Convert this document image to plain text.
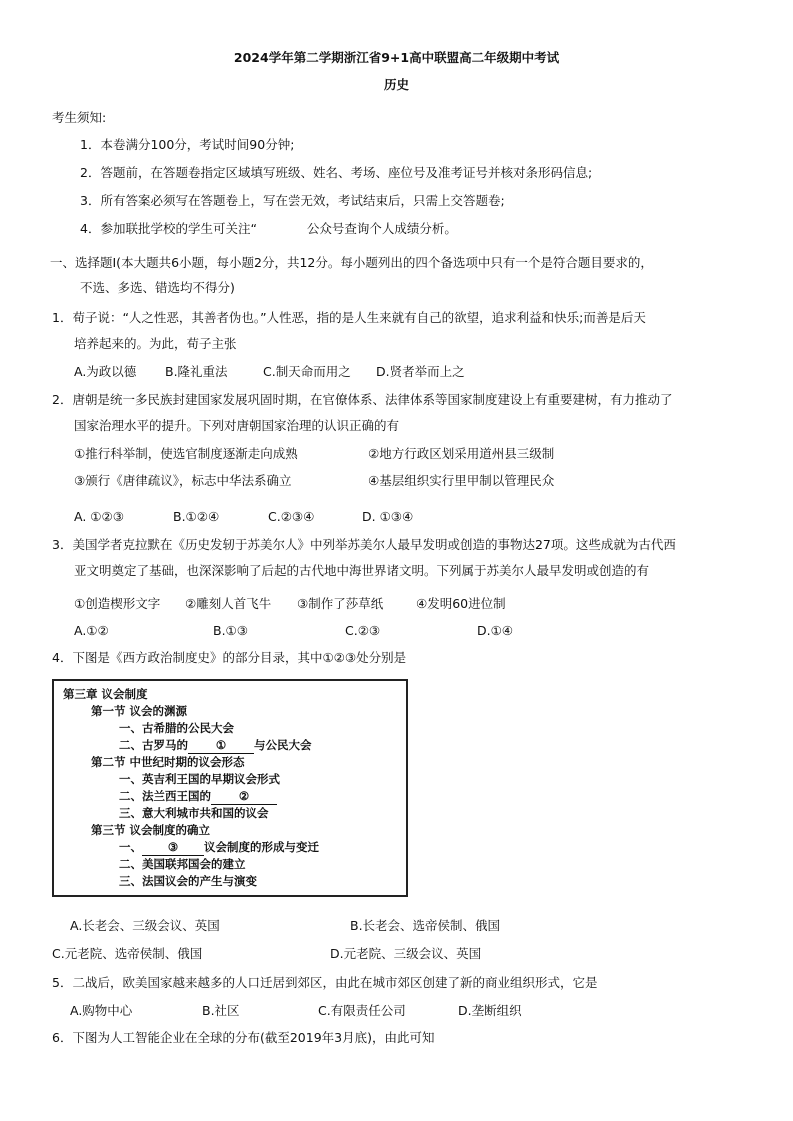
2024学年第二学期浙江省9+1高中联盟高二年级期中考试
历史
考生须知:
1．本卷满分100分，考试时间90分钟;
2．答题前，在答题卷指定区域填写班级、姓名、考场、座位号及准考证号并核对条形码信息;
3．所有答案必须写在答题卷上，写在尝无效，考试结束后，只需上交答题卷;
4．参加联批学校的学生可关注“　　　　公众号查询个人成绩分析。
一、选择题Ⅰ(本大题共6小题，每小题2分，共12分。每小题列出的四个备选项中只有一个是符合题目要求的，
不选、多选、错选均不得分)
1．荀子说：“人之性恶，其善者伪也。”人性恶，指的是人生来就有自己的欲望，追求利益和快乐;而善是后天
培养起来的。为此，荀子主张
A.为政以德 B.隆礼重法	C.制天命而用之 D.贤者举而上之
2．唐朝是统一多民族封建国家发展巩固时期，在官僚体系、法律体系等国家制度建设上有重要建树，有力推动了
国家治理水平的提升。下列对唐朝国家治理的认识正确的有
①推行科举制，使选官制度逐渐走向成熟	②地方行政区划采用道州县三级制
③颁行《唐律疏议》，标志中华法系确立	④基层组织实行里甲制以管理民众
A. ①②③	B.①②④	C.②③④	D. ①③④
3．美国学者克拉默在《历史发轫于苏美尔人》中列举苏美尔人最早发明或创造的事物达27项。这些成就为古代西
亚文明奠定了基础，也深深影响了后起的古代地中海世界诸文明。下列属于苏美尔人最早发明或创造的有
①创造楔形文字 ②雕刻人首飞牛 ③制作了莎草纸	④发明60进位制
A.①②	B.①③	C.②③	D.①④
4．下图是《西方政治制度史》的部分目录，其中①②③处分别是
第三章 议会制度
第一节 议会的渊源
一、古希腊的公民大会
二、古罗马的 ① 与公民大会
第二节 中世纪时期的议会形态
一、英吉利王国的早期议会形式
二、法兰西王国的 ②
三、意大利城市共和国的议会
第三节 议会制度的确立
一、 ③ 议会制度的形成与变迁
二、美国联邦国会的建立
三、法国议会的产生与演变
A.长老会、三级会议、英国	B.长老会、选帝侯制、俄国
C.元老院、选帝侯制、俄国	D.元老院、三级会议、英国
5．二战后，欧美国家越来越多的人口迁居到郊区，由此在城市郊区创建了新的商业组织形式，它是
A.购物中心	B.社区	C.有限责任公司	D.垄断组织
6．下图为人工智能企业在全球的分布(截至2019年3月底)，由此可知
